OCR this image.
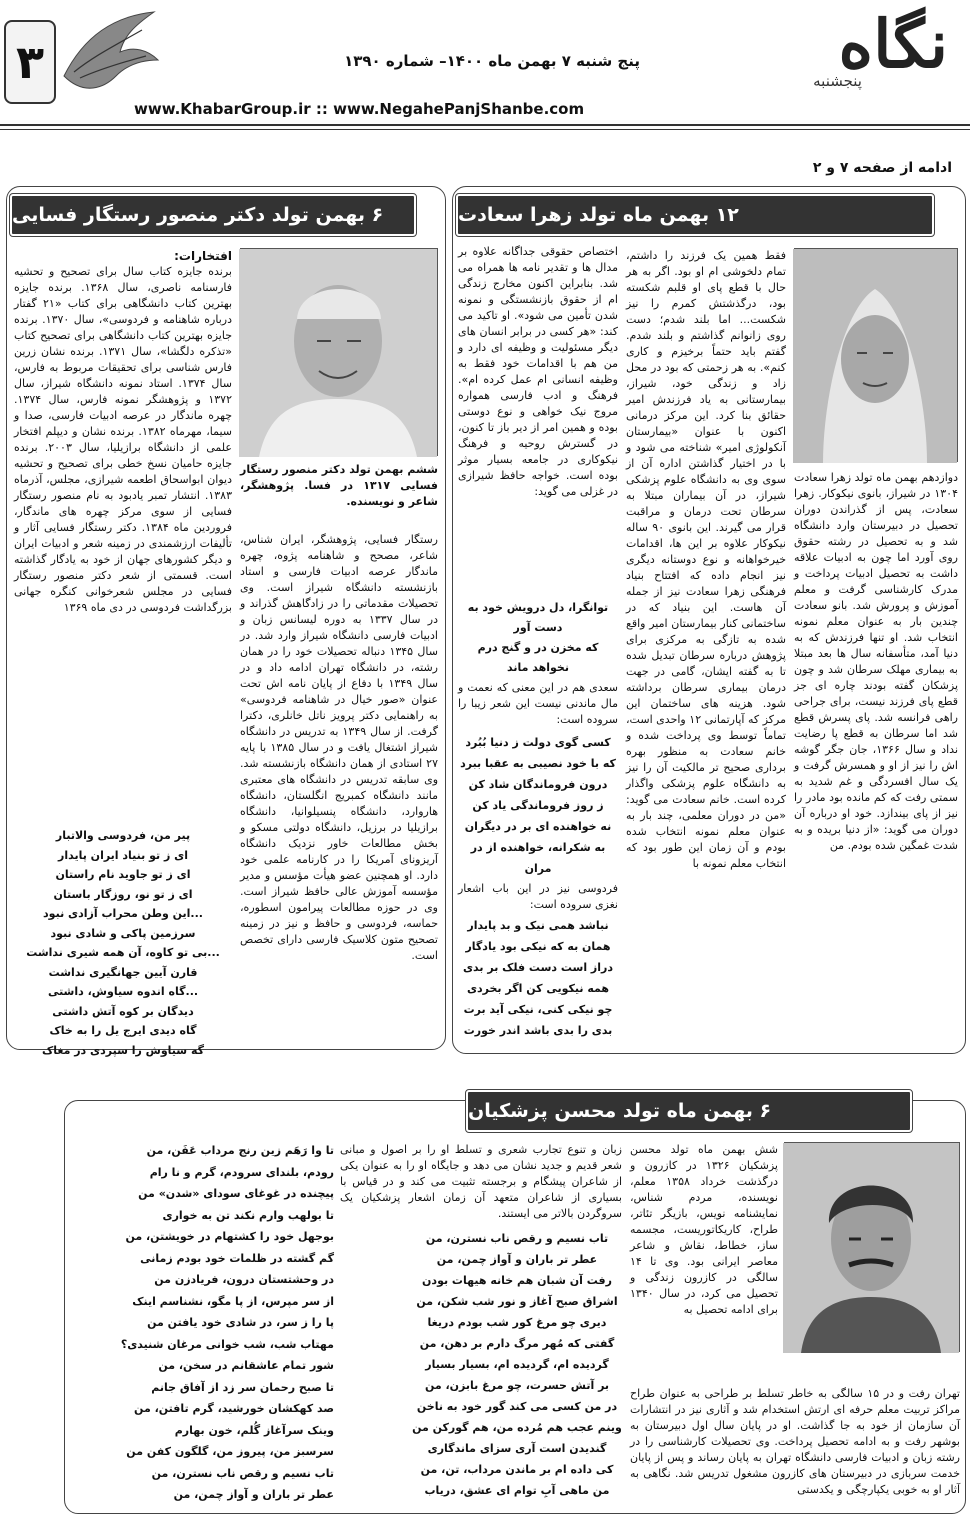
نگاه
پنجشنبه
پنج شنبه ۷ بهمن ماه ۱۴۰۰– شماره ۱۳۹۰
www.KhabarGroup.ir :: www.NegahePanjShanbe.com
۳
ادامه از صفحه ۷ و ۲
۱۲ بهمن ماه تولد زهرا سعادت
دوازدهم بهمن ماه تولد زهرا سعادت ۱۳۰۴ در شیراز، بانوی نیکوکار. زهرا سعادت، پس از گذراندن دوران تحصیل در دبیرستان وارد دانشگاه شد و به تحصیل در رشته حقوق روی آورد اما چون به ادبیات علاقه داشت به تحصیل ادبیات پرداخت و مدرک کارشناسی گرفت و معلم آموزش و پرورش شد. بانو سعادت چندین بار به عنوان معلم نمونه انتخاب شد. او تنها فرزندش که به دنیا آمد، متأسفانه سال ها بعد مبتلا به بیماری مهلک سرطان شد و چون پزشکان گفته بودند چاره ای جز قطع پای فرزند نیست، برای جراحی راهی فرانسه شد. پای پسرش قطع شد اما سرطان به قطع پا رضایت نداد و سال ۱۳۶۶، جان جگر گوشه اش را نیز از او و همسرش گرفت و یک سال افسردگی و غم شدید به سمتی رفت که کم مانده بود مادر را نیز از پای بیندازد. خود او درباره آن دوران می گوید: «از دنیا بریده و به شدت غمگین شده بودم. من
فقط همین یک فرزند را داشتم، تمام دلخوشی ام او بود. اگر به هر حال با قطع پای او قلبم شکسته بود، درگذشتش کمرم را نیز شکست... اما بلند شدم؛ دست روی زانوانم گذاشتم و بلند شدم. گفتم باید حتماً برخیزم و کاری کنم». به هر زحمتی که بود در محل زاد و زندگی خود، شیراز، بیمارستانی به یاد فرزندش امیر حقائق بنا کرد. این مرکز درمانی اکنون با عنوان «بیمارستان آنکولوژی امیر» شناخته می شود و با در اختیار گذاشتن اداره آن از سوی وی به دانشگاه علوم پزشکی شیراز، در آن بیماران مبتلا به سرطان تحت درمان و مراقبت قرار می گیرند. این بانوی ۹۰ ساله نیکوکار علاوه بر این ها، اقدامات خیرخواهانه و نوع دوستانه دیگری نیز انجام داده که افتتاح بنیاد فرهنگی زهرا سعادت نیز از جمله آن هاست. این بنیاد که در ساختمانی کنار بیمارستان امیر واقع شده به تازگی به مرکزی برای پژوهش درباره سرطان تبدیل شده تا به گفته ایشان، گامی در جهت درمان بیماری سرطان برداشته شود. هزینه های ساختمان این مرکز که آپارتمانی ۱۲ واحدی است، تماماً توسط وی پرداخت شده و خانم سعادت به منظور بهره برداری صحیح تر مالکیت آن را نیز به دانشگاه علوم پزشکی واگذار کرده است. خانم سعادت می گوید: «من در دوران معلمی، چند بار به عنوان معلم نمونه انتخاب شده بودم و آن زمان این طور بود که انتخاب معلم نمونه با
اختصاص حقوقی جداگانه علاوه بر مدال ها و تقدیر نامه ها همراه می شد. بنابراین اکنون مخارج زندگی ام از حقوق بازنشستگی و نمونه شدن تأمین می شود». او تاکید می کند: «هر کسی در برابر انسان های دیگر مسئولیت و وظیفه ای دارد و من هم با اقدامات خود فقط به وظیفه انسانی ام عمل کرده ام». فرهنگ و ادب فارسی همواره مروج نیک خواهی و نوع دوستی بوده و همین امر از دیر باز تا کنون، در گسترش روحیه و فرهنگ نیکوکاری در جامعه بسیار موثر بوده است. خواجه حافظ شیرازی در غزلی می گوید:
توانگرا، دل درویش خود به دست آور
که مخزن در و گنج درم نخواهد ماند
سعدی هم در این معنی که نعمت و مال ماندنی نیست این شعر زیبا را سروده است:
کسی گوی دولت ز دنیا بُبُرد
که با خود نصیبی به عقبا ببرد
درون فروماندگان شاد کن
ز روز فروماندگی یاد کن
نه خواهنده ای بر در دیگران
به شکرانه، خواهنده از در مران
فردوسی نیز در این باب اشعار نغزی سروده است:
نباشد همی نیک و بد پایدار
همان به که نیکی بود یادگار
دراز است دست فلک بر بدی
همه نیکویی کن اگر بخردی
چو نیکی کنی، نیکی آید برت
بدی را بدی باشد اندر خورت
۶ بهمن تولد دکتر منصور رستگار فسایی
ششم بهمن تولد دکتر منصور رستگار فسایی ۱۳۱۷ در فسا. پژوهشگر، شاعر و نویسنده.
رستگار فسایی، پژوهشگر، ایران شناس، شاعر، مصحح و شاهنامه پژوه، چهره ماندگار عرصه ادبیات فارسی و استاد بازنشسته دانشگاه شیراز است. وی تحصیلات مقدماتی را در زادگاهش گذراند و در سال ۱۳۳۷ به دوره لیسانس زبان و ادبیات فارسی دانشگاه شیراز وارد شد. در سال ۱۳۴۵ دنباله تحصیلات خود را در همان رشته، در دانشگاه تهران ادامه داد و در سال ۱۳۴۹ با دفاع از پایان نامه اش تحت عنوان «صور خیال در شاهنامه فردوسی» به راهنمایی دکتر پرویز ناتل خانلری، دکترا گرفت. از سال ۱۳۴۹ به تدریس در دانشگاه شیراز اشتغال یافت و در سال ۱۳۸۵ با پایه ۲۷ استادی از همان دانشگاه بازنشسته شد. وی سابقه تدریس در دانشگاه های معتبری مانند دانشگاه کمبریج انگلستان، دانشگاه هاروارد، دانشگاه پنسیلوانیا، دانشگاه برازیلیا در برزیل، دانشگاه دولتی مسکو و بخش مطالعات خاور نزدیک دانشگاه آریزونای آمریکا را در کارنامه علمی خود دارد. او همچنین عضو هیأت مؤسس و مدیر مؤسسه آموزش عالی حافظ شیراز است. وی در حوزه مطالعات پیرامون اسطوره، حماسه، فردوسی و حافظ و نیز در زمینه تصحیح متون کلاسیک فارسی دارای تخصص است.
افتخارات:
برنده جایزه کتاب سال برای تصحیح و تحشیه فارسنامه ناصری، سال ۱۳۶۸. برنده جایزه بهترین کتاب دانشگاهی برای کتاب «۲۱ گفتار درباره شاهنامه و فردوسی»، سال ۱۳۷۰. برنده جایزه بهترین کتاب دانشگاهی برای تصحیح کتاب «تذکره دلگشا»، سال ۱۳۷۱. برنده نشان زرین فارس شناسی برای تحقیقات مربوط به فارس، سال ۱۳۷۴. استاد نمونه دانشگاه شیراز، سال ۱۳۷۲ و پژوهشگر نمونه فارس، سال ۱۳۷۴. چهره ماندگار در عرصه ادبیات فارسی، صدا و سیما، مهرماه ۱۳۸۲. برنده نشان و دیپلم افتخار علمی از دانشگاه برازیلیا، سال ۲۰۰۳. برنده جایزه حامیان نسخ خطی برای تصحیح و تحشیه دیوان ابواسحاق اطعمه شیرازی، مجلس، آذرماه ۱۳۸۳. انتشار تمبر یادبود به نام منصور رستگار فسایی از سوی مرکز چهره های ماندگار، فروردین ماه ۱۳۸۴. دکتر رستگار فسایی آثار و تألیفات ارزشمندی در زمینه شعر و ادبیات ایران و دیگر کشورهای جهان از خود به یادگار گذاشته است. قسمتی از شعر دکتر منصور رستگار فسایی در مجلس شعرخوانی کنگره جهانی بزرگداشت فردوسی در دی ماه ۱۳۶۹
پیر من، فردوسی والاتبار
ای ز تو بنیاد ایران پایدار
ای ز تو جاوید نام راستان
ای ز تو نو، روزگار باستان
...این وطن محراب آزادی نبود
سرزمین پاکی و شادی نبود
...بی تو کاوه، آن همه شیری نداشت
قارن آیین جهانگیری نداشت
...گاه اندوه سیاوش، داشتی
دیدگان بر کوه آتش داشتی
گاه دیدی ایرج یل را به خاک
گه سیاوش را سپردی در مغاک
۶ بهمن ماه تولد محسن پزشکیان
شش بهمن ماه تولد محسن پزشکیان ۱۳۲۶ در کازرون و درگذشت خرداد ۱۳۵۸ معلم، نویسنده، مردم شناس، نمایشنامه نویس، بازیگر تئاتر، طراح، کاریکاتوریست، مجسمه ساز، خطاط، نقاش و شاعر معاصر ایرانی بود. وی تا ۱۴ سالگی در کازرون زندگی و تحصیل می کرد، در سال ۱۳۴۰ برای ادامه تحصیل به
تهران رفت و در ۱۵ سالگی به خاطر تسلط بر طراحی به عنوان طراح مراکز تربیت معلم حرفه ای ارتش استخدام شد و آثاری نیز در انتشارات آن سازمان از خود به جا گذاشت. او در پایان سال اول دبیرستان به بوشهر رفت و به ادامه تحصیل پرداخت. وی تحصیلات کارشناسی را در رشته زبان و ادبیات فارسی دانشگاه تهران به پایان رساند و پس از پایان خدمت سربازی در دبیرستان های کازرون مشغول تدریس شد. نگاهی به آثار او به خوبی یکپارچگی و یکدستی
زبان و تنوع تجارب شعری و تسلط او را بر اصول و مبانی شعر قدیم و جدید نشان می دهد و جایگاه او را به عنوان یکی از شاعران پیشگام و برجسته تثبیت می کند و در قیاس با بسیاری از شاعران متعهد آن زمان اشعار پزشکیان یک سروگردن بالاتر می ایستند.
تاب نسیم و رقص ناب نسترن، من
عطر تر باران و آواز چمن، من
رفت آن شبان هم خانه هیهات بودن
اشراق صبح آغاز و نور شب شکن، من
دیری چو مرغ کور شب بودم دریغا
گفتی که مُهر مرگ دارم بر دهن، من
گردیده ام، گردیده ام، بسیار بسیار
بر آتش حسرت، چو مرغ بابزن، من
در من کسی می کند گور خود به ناخن
وینم عجب هم مُرده من، هم گورکن من
گندیدن است آری سزای ماندگاری
کی داده ام بر ماندن مرداب، تن، من
من ماهی آبِ توام ای عشق، دریاب
تا وا رَهَم زین رنج مرداب عَفَن، من
رودم، بلندای سرودم، گرم و نا رام
پیچنده در غوغای سودای «شدن» من
تا بولهب وارم نکند تن به خواری
بوجهل خود را کشتهام در خویشتن، من
گم گشته در ظلمات خود بودم زمانی
در وحشتستان درون، فریادزن من
از سر مپرس، از پا مگو، نشناسم اینک
پا را ز سر، در شادی خود یافتن من
مهتاب شب، شب خوانی مرغان شنیدی؟
شور تمام عاشقانم در سخن، من
تا صبح رحمان سر زد از آفاق جانم
صد کهکشان خورشید، گرم تافتن، من
وینک سرآغاز گُلم، خون بهارم
سرسبز من، پیروز من، گلگون کفن من
تاب نسیم و رقص ناب نسترن، من
عطر تر باران و آواز چمن، من
